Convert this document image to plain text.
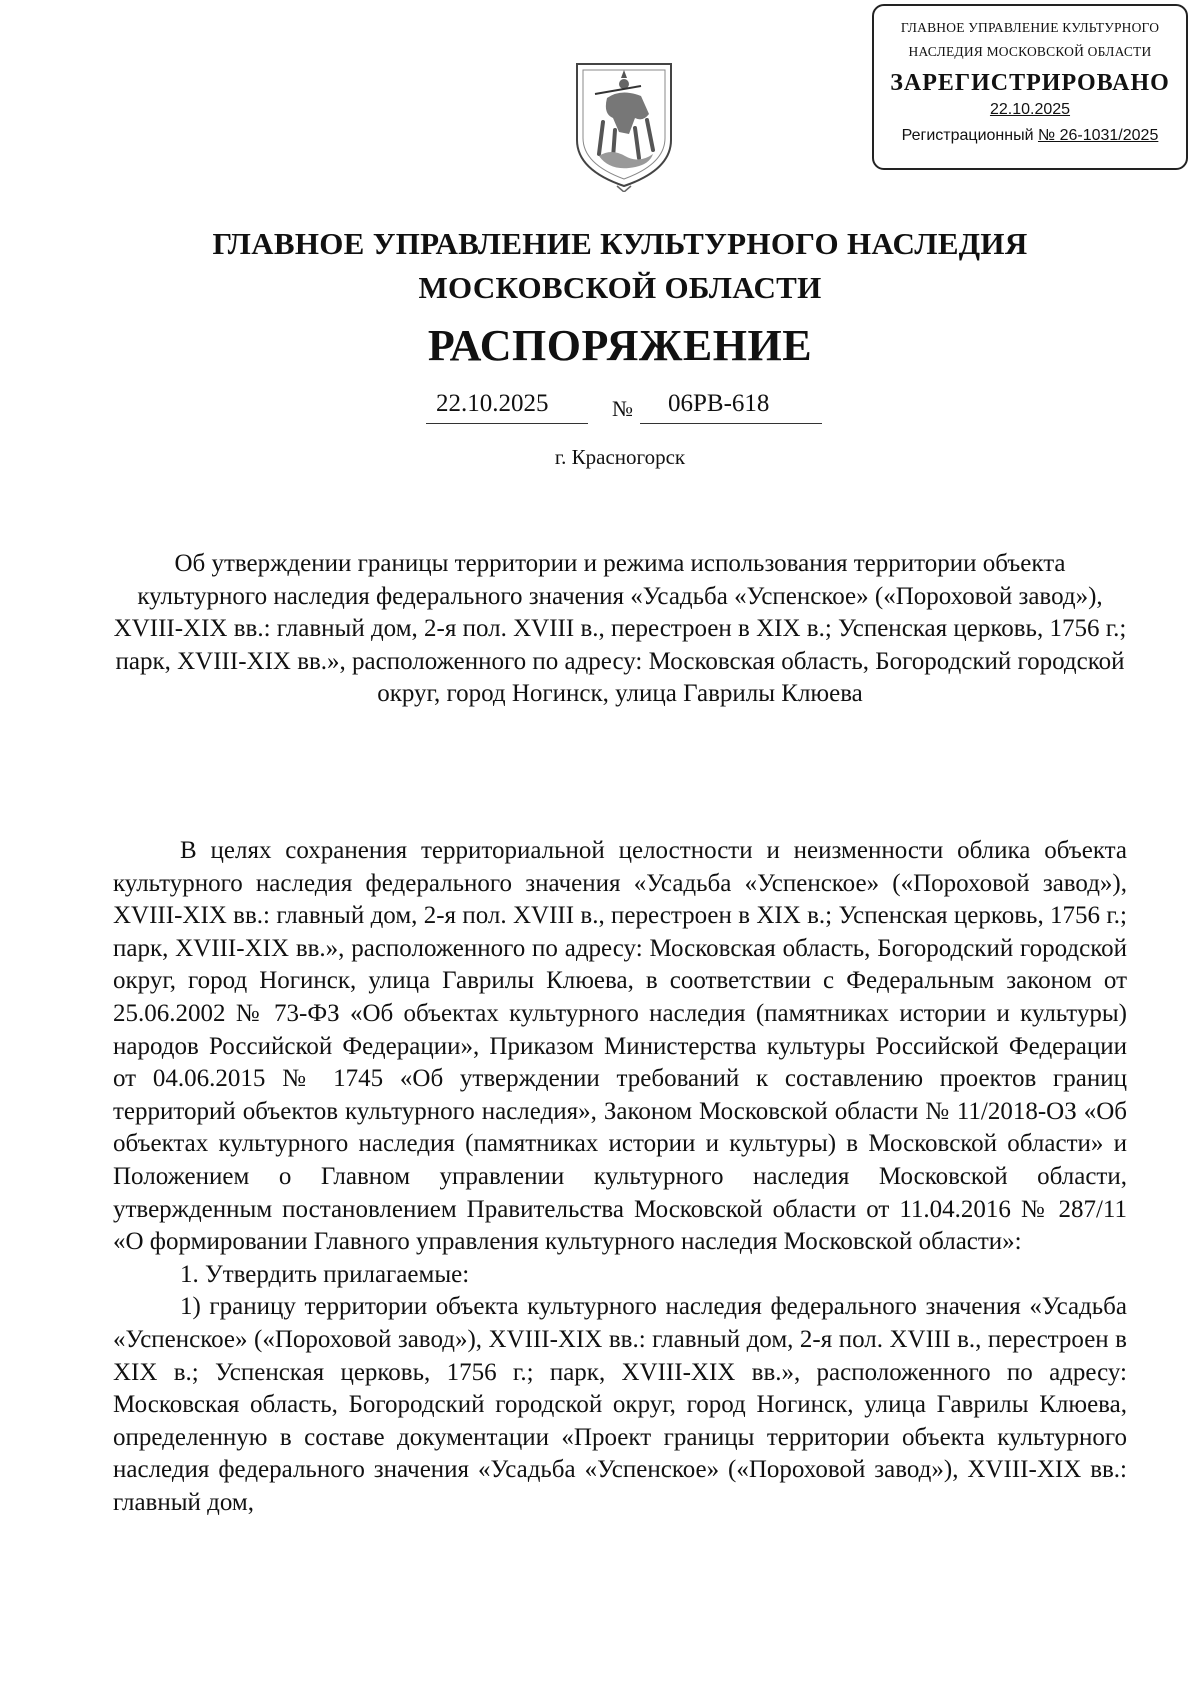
ГЛАВНОЕ УПРАВЛЕНИЕ КУЛЬТУРНОГО
НАСЛЕДИЯ МОСКОВСКОЙ ОБЛАСТИ
ЗАРЕГИСТРИРОВАНО
22.10.2025
Регистрационный № 26-1031/2025
ГЛАВНОЕ УПРАВЛЕНИЕ КУЛЬТУРНОГО НАСЛЕДИЯ
МОСКОВСКОЙ ОБЛАСТИ
РАСПОРЯЖЕНИЕ
22.10.2025	№ 06РВ-618
г. Красногорск
Об утверждении границы территории и режима использования территории объекта культурного наследия федерального значения «Усадьба «Успенское» («Пороховой завод»), XVIII-XIX вв.: главный дом, 2-я пол. XVIII в., перестроен в XIX в.; Успенская церковь, 1756 г.; парк, XVIII-XIX вв.», расположенного по адресу: Московская область, Богородский городской округ, город Ногинск, улица Гаврилы Клюева

В целях сохранения территориальной целостности и неизменности облика объекта культурного наследия федерального значения «Усадьба «Успенское» («Пороховой завод»), XVIII-XIX вв.: главный дом, 2-я пол. XVIII в., перестроен в XIX в.; Успенская церковь, 1756 г.; парк, XVIII-XIX вв.», расположенного по адресу: Московская область, Богородский городской округ, город Ногинск, улица Гаврилы Клюева, в соответствии с Федеральным законом от 25.06.2002 № 73-ФЗ «Об объектах культурного наследия (памятниках истории и культуры) народов Российской Федерации», Приказом Министерства культуры Российской Федерации от 04.06.2015 № 1745 «Об утверждении требований к составлению проектов границ территорий объектов культурного наследия», Законом Московской области № 11/2018-ОЗ «Об объектах культурного наследия (памятниках истории и культуры) в Московской области» и Положением о Главном управлении культурного наследия Московской области, утвержденным постановлением Правительства Московской области от 11.04.2016 № 287/11 «О формировании Главного управления культурного наследия Московской области»:

1. Утвердить прилагаемые:

1) границу территории объекта культурного наследия федерального значения «Усадьба «Успенское» («Пороховой завод»), XVIII-XIX вв.: главный дом, 2-я пол. XVIII в., перестроен в XIX в.; Успенская церковь, 1756 г.; парк, XVIII-XIX вв.», расположенного по адресу: Московская область, Богородский городской округ, город Ногинск, улица Гаврилы Клюева, определенную в составе документации «Проект границы территории объекта культурного наследия федерального значения «Усадьба «Успенское» («Пороховой завод»), XVIII-XIX вв.: главный дом,
